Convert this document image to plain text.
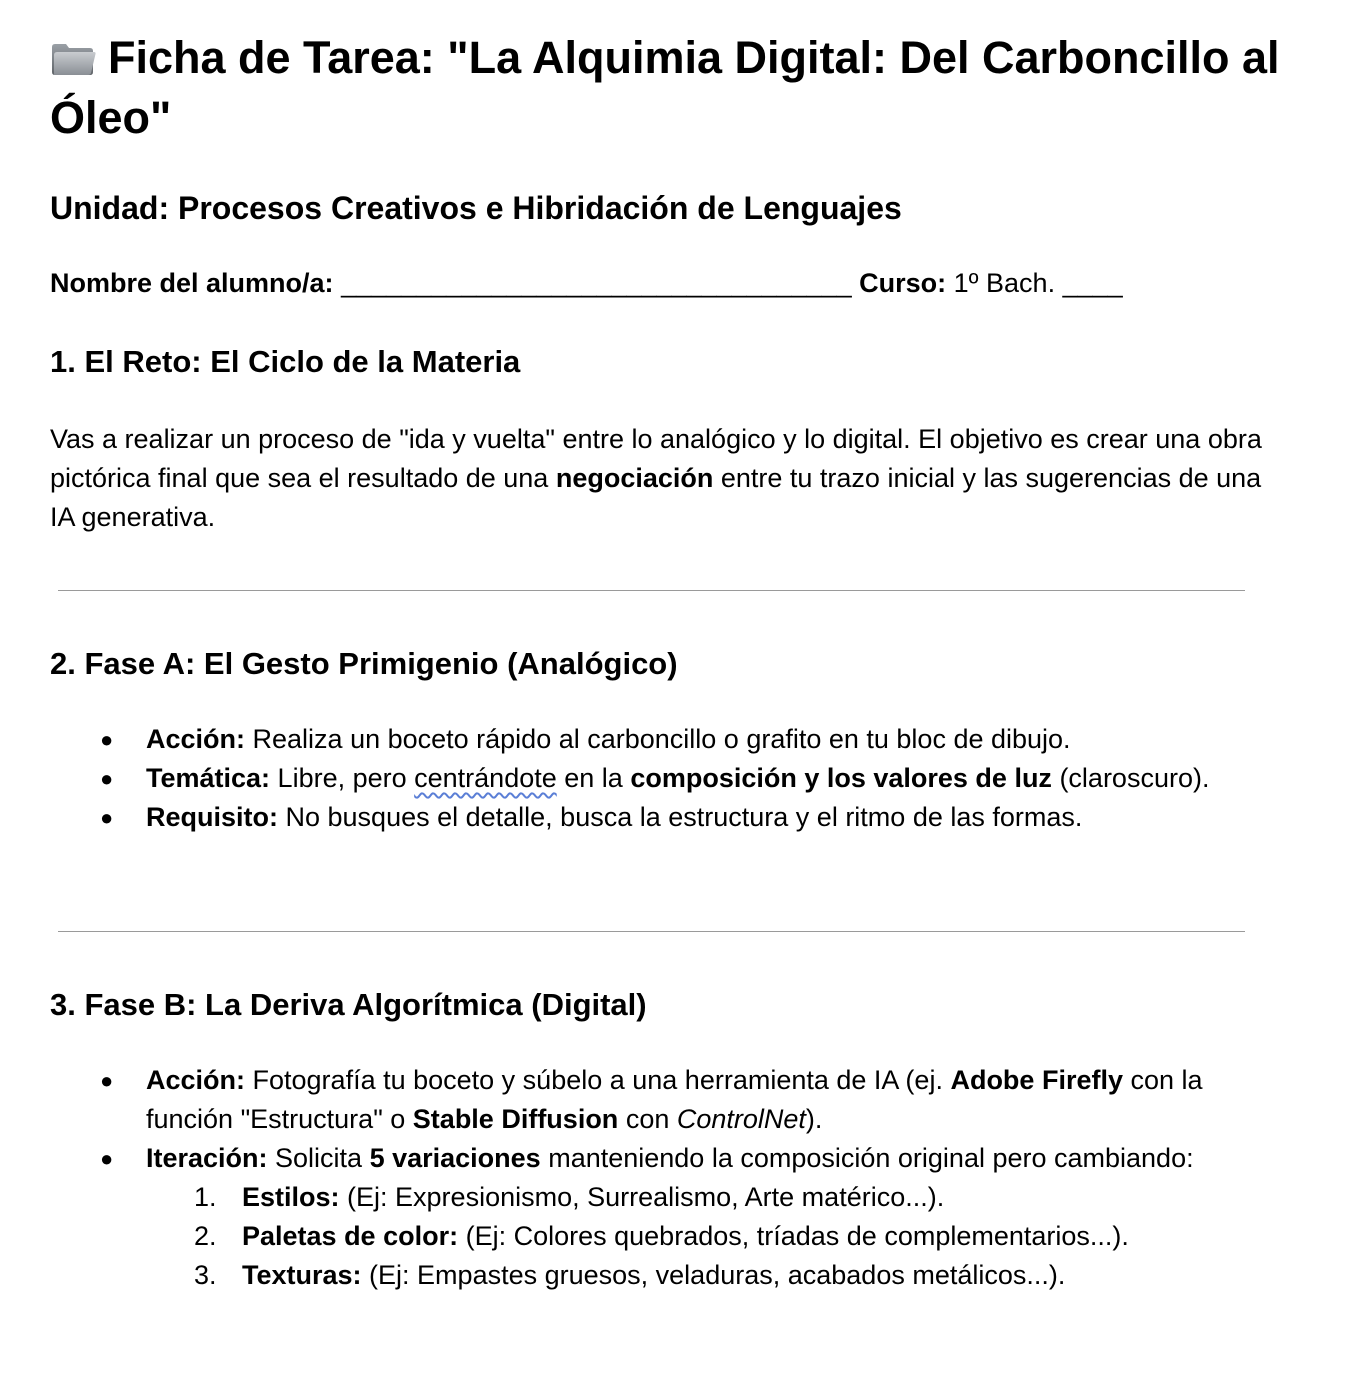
Ficha de Tarea: "La Alquimia Digital: Del Carboncillo al Óleo"
Unidad: Procesos Creativos e Hibridación de Lenguajes
Nombre del alumno/a: __________________________________ Curso: 1º Bach. ____
1. El Reto: El Ciclo de la Materia

Vas a realizar un proceso de "ida y vuelta" entre lo analógico y lo digital. El objetivo es crear una obra pictórica final que sea el resultado de una negociación entre tu trazo inicial y las sugerencias de una IA generativa.

2. Fase A: El Gesto Primigenio (Analógico)
● Acción: Realiza un boceto rápido al carboncillo o grafito en tu bloc de dibujo.
● Temática: Libre, pero centrándote en la composición y los valores de luz (claroscuro).
● Requisito: No busques el detalle, busca la estructura y el ritmo de las formas.
3. Fase B: La Deriva Algorítmica (Digital)
● Acción: Fotografía tu boceto y súbelo a una herramienta de IA (ej. Adobe Firefly con la función "Estructura" o Stable Diffusion con ControlNet).
● Iteración: Solicita 5 variaciones manteniendo la composición original pero cambiando:
1. Estilos: (Ej: Expresionismo, Surrealismo, Arte matérico...).
2. Paletas de color: (Ej: Colores quebrados, tríadas de complementarios...).
3. Texturas: (Ej: Empastes gruesos, veladuras, acabados metálicos...).
